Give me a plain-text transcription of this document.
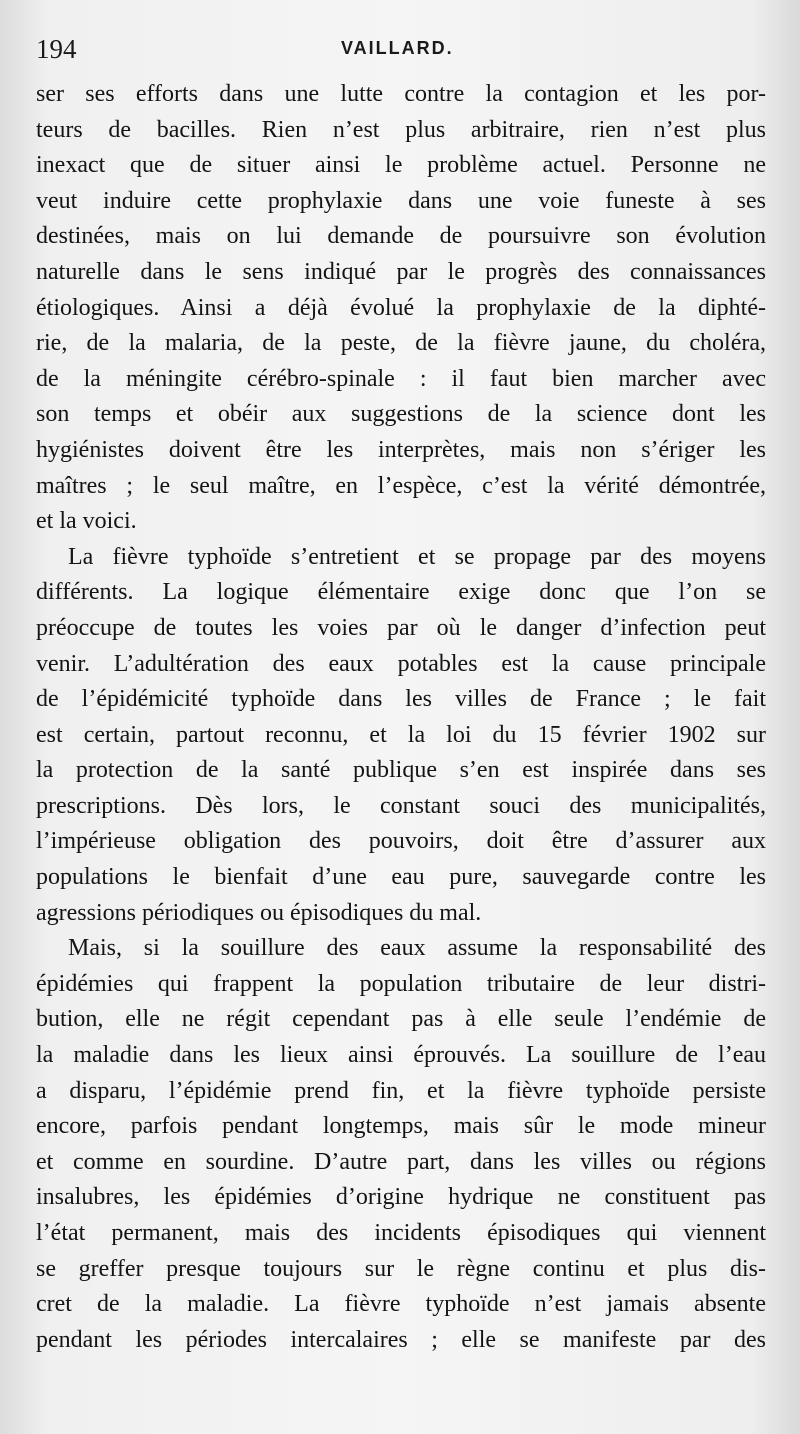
194	VAILLARD.
ser ses efforts dans une lutte contre la contagion et les por-
teurs de bacilles. Rien n’est plus arbitraire, rien n’est plus
inexact que de situer ainsi le problème actuel. Personne ne
veut induire cette prophylaxie dans une voie funeste à ses
destinées, mais on lui demande de poursuivre son évolution
naturelle dans le sens indiqué par le progrès des connaissances
étiologiques. Ainsi a déjà évolué la prophylaxie de la diphté-
rie, de la malaria, de la peste, de la fièvre jaune, du choléra,
de la méningite cérébro-spinale : il faut bien marcher avec
son temps et obéir aux suggestions de la science dont les
hygiénistes doivent être les interprètes, mais non s’ériger les
maîtres ; le seul maître, en l’espèce, c’est la vérité démontrée,
et la voici.
La fièvre typhoïde s’entretient et se propage par des moyens
différents. La logique élémentaire exige donc que l’on se
préoccupe de toutes les voies par où le danger d’infection peut
venir. L’adultération des eaux potables est la cause principale
de l’épidémicité typhoïde dans les villes de France ; le fait
est certain, partout reconnu, et la loi du 15 février 1902 sur
la protection de la santé publique s’en est inspirée dans ses
prescriptions. Dès lors, le constant souci des municipalités,
l’impérieuse obligation des pouvoirs, doit être d’assurer aux
populations le bienfait d’une eau pure, sauvegarde contre les
agressions périodiques ou épisodiques du mal.
Mais, si la souillure des eaux assume la responsabilité des
épidémies qui frappent la population tributaire de leur distri-
bution, elle ne régit cependant pas à elle seule l’endémie de
la maladie dans les lieux ainsi éprouvés. La souillure de l’eau
a disparu, l’épidémie prend fin, et la fièvre typhoïde persiste
encore, parfois pendant longtemps, mais sûr le mode mineur
et comme en sourdine. D’autre part, dans les villes ou régions
insalubres, les épidémies d’origine hydrique ne constituent pas
l’état permanent, mais des incidents épisodiques qui viennent
se greffer presque toujours sur le règne continu et plus dis-
cret de la maladie. La fièvre typhoïde n’est jamais absente
pendant les périodes intercalaires ; elle se manifeste par des
